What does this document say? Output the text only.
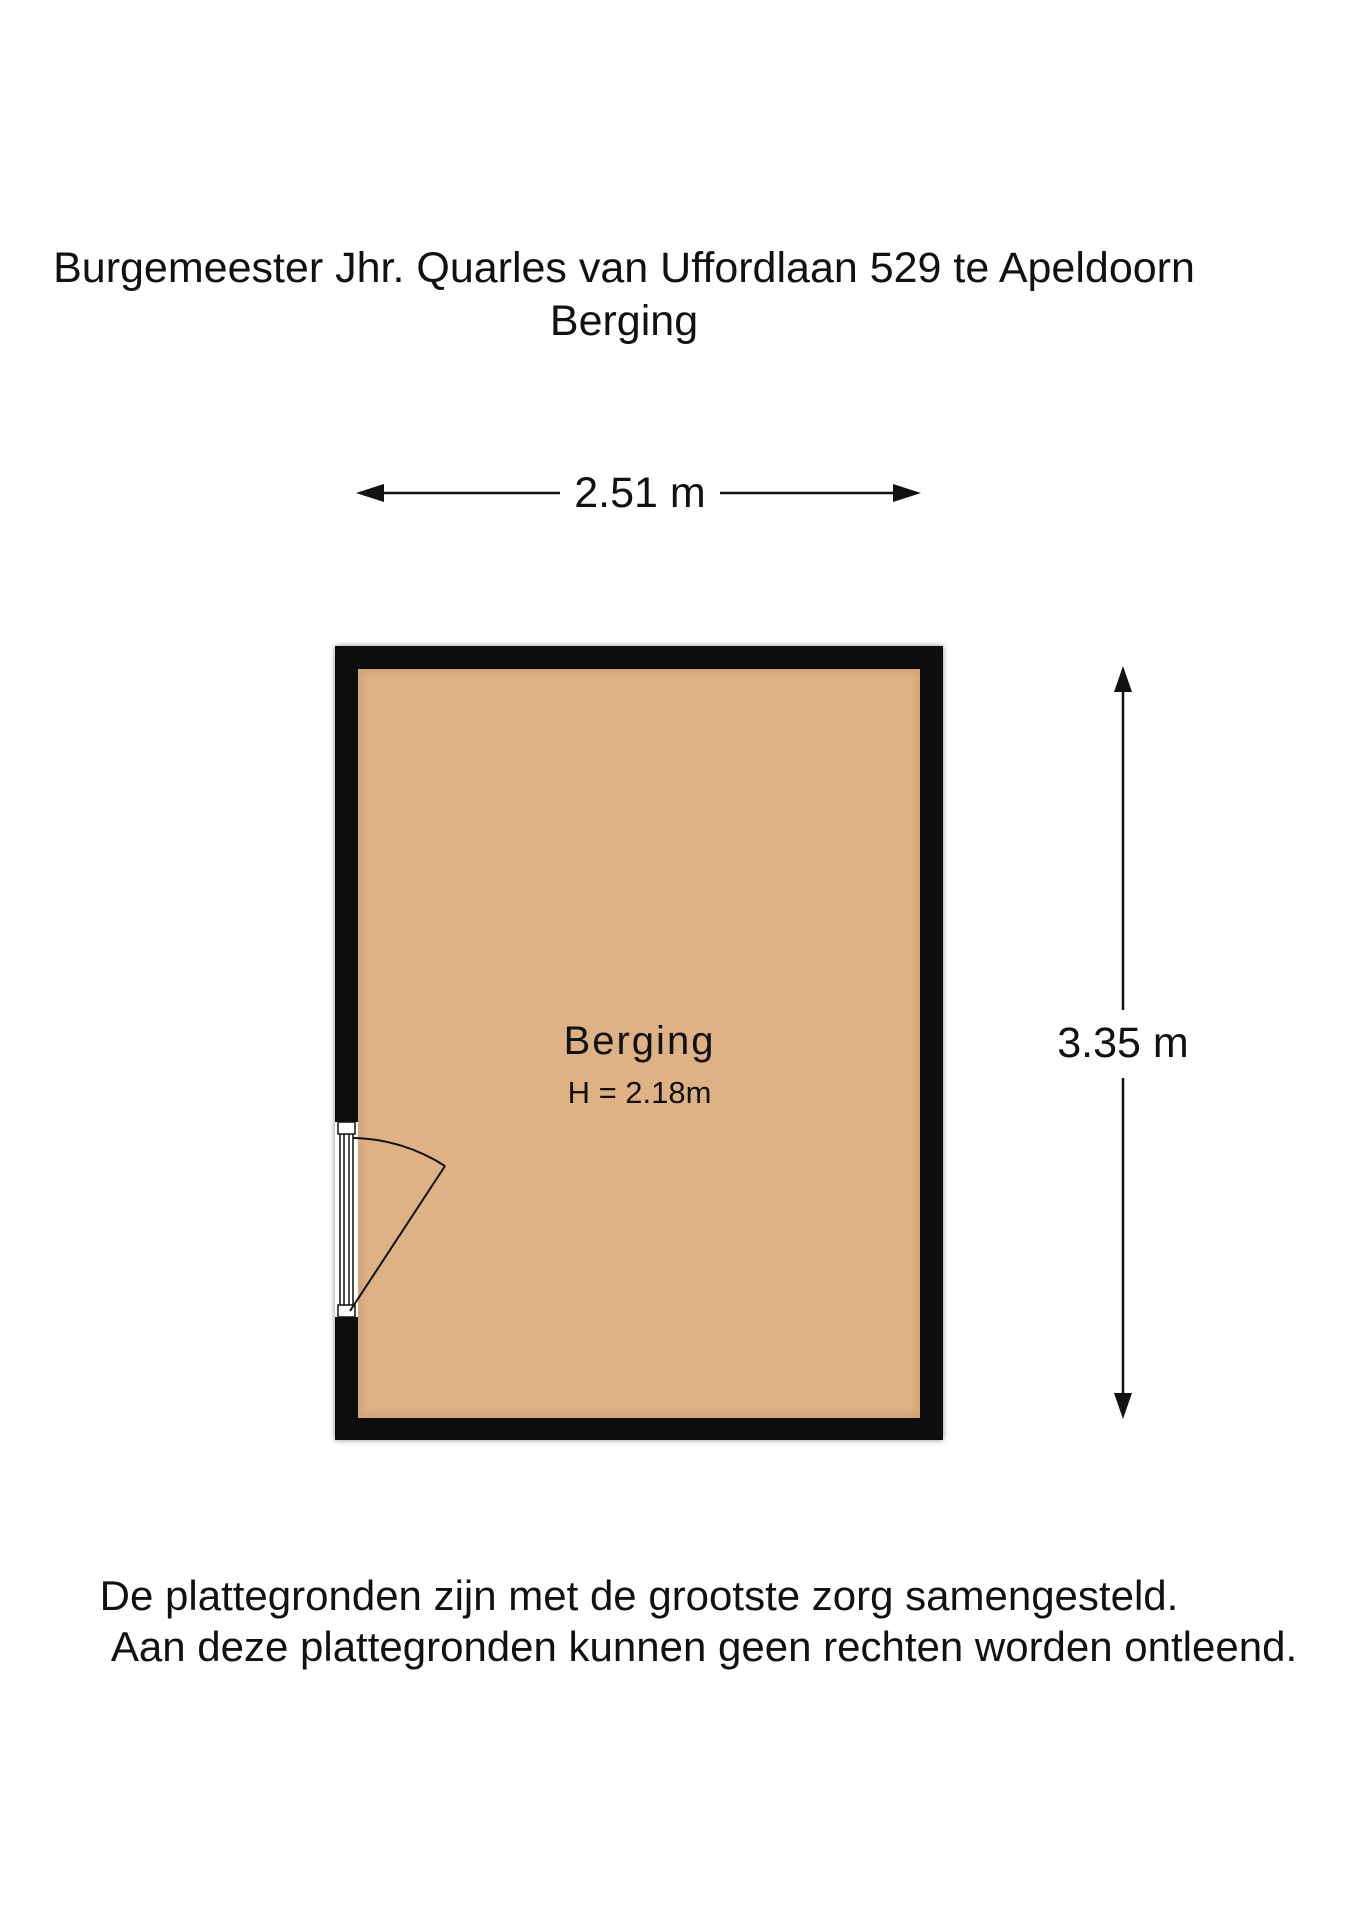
Burgemeester Jhr. Quarles van Uffordlaan 529 te Apeldoorn
Berging
2.51 m
3.35 m
Berging
H = 2.18m
De plattegronden zijn met de grootste zorg samengesteld.
Aan deze plattegronden kunnen geen rechten worden ontleend.
